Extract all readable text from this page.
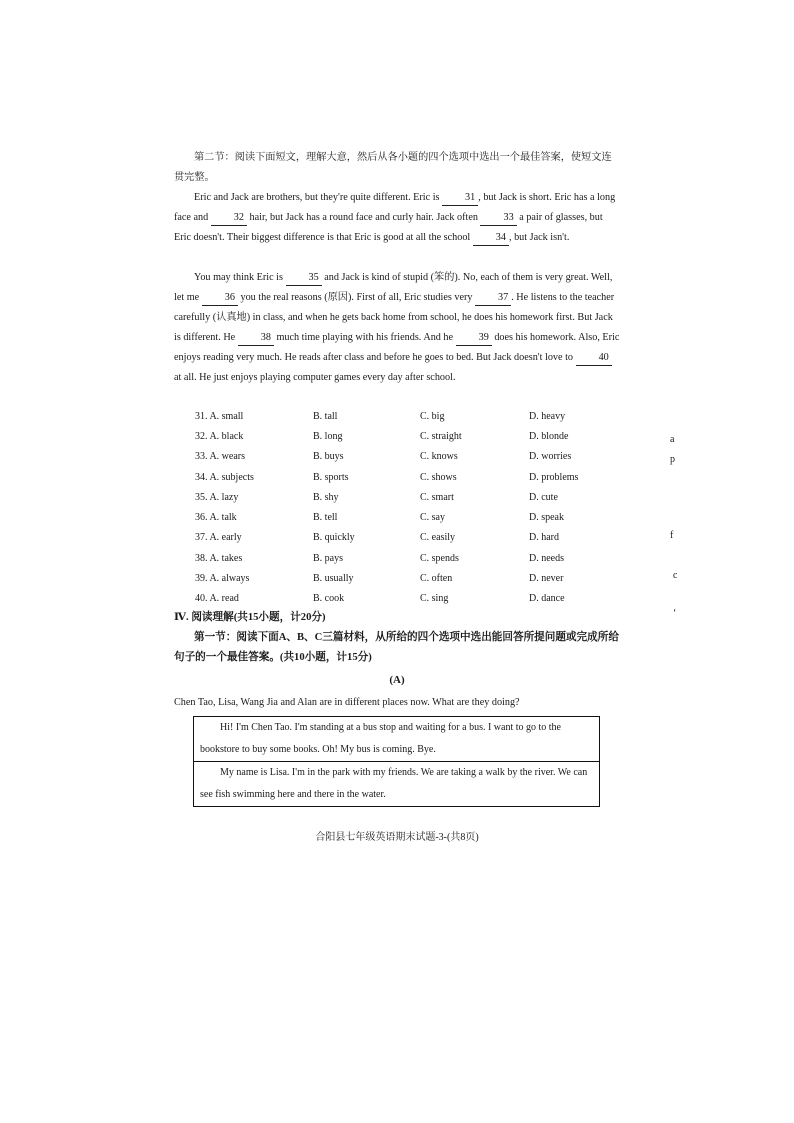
第二节：阅读下面短文，理解大意，然后从各小题的四个选项中选出一个最佳答案，使短文连贯完整。
Eric and Jack are brothers, but they're quite different. Eric is 31 , but Jack is short. Eric has a long face and 32 hair, but Jack has a round face and curly hair. Jack often 33 a pair of glasses, but Eric doesn't. Their biggest difference is that Eric is good at all the school 34 , but Jack isn't.
You may think Eric is 35 and Jack is kind of stupid (笨的). No, each of them is very great. Well, let me 36 you the real reasons (原因). First of all, Eric studies very 37 . He listens to the teacher carefully (认真地) in class, and when he gets back home from school, he does his homework first. But Jack is different. He 38 much time playing with his friends. And he 39 does his homework. Also, Eric enjoys reading very much. He reads after class and before he goes to bed. But Jack doesn't love to 40 at all. He just enjoys playing computer games every day after school.
31. A. small	B. tall	C. big	D. heavy
32. A. black	B. long	C. straight	D. blonde
33. A. wears	B. buys	C. knows	D. worries
34. A. subjects	B. sports	C. shows	D. problems
35. A. lazy	B. shy	C. smart	D. cute
36. A. talk	B. tell	C. say	D. speak
37. A. early	B. quickly	C. easily	D. hard
38. A. takes	B. pays	C. spends	D. needs
39. A. always	B. usually	C. often	D. never
40. A. read	B. cook	C. sing	D. dance
Ⅳ. 阅读理解(共15小题，计20分)
第一节：阅读下面A、B、C三篇材料，从所给的四个选项中选出能回答所提问题或完成所给句子的一个最佳答案。(共10小题，计15分)
(A)
Chen Tao, Lisa, Wang Jia and Alan are in different places now. What are they doing?
Hi! I'm Chen Tao. I'm standing at a bus stop and waiting for a bus. I want to go to the bookstore to buy some books. Oh! My bus is coming. Bye.
My name is Lisa. I'm in the park with my friends. We are taking a walk by the river. We can see fish swimming here and there in the water.
合阳县七年级英语期末试题-3-(共8页)
a
p
f
c
‘
